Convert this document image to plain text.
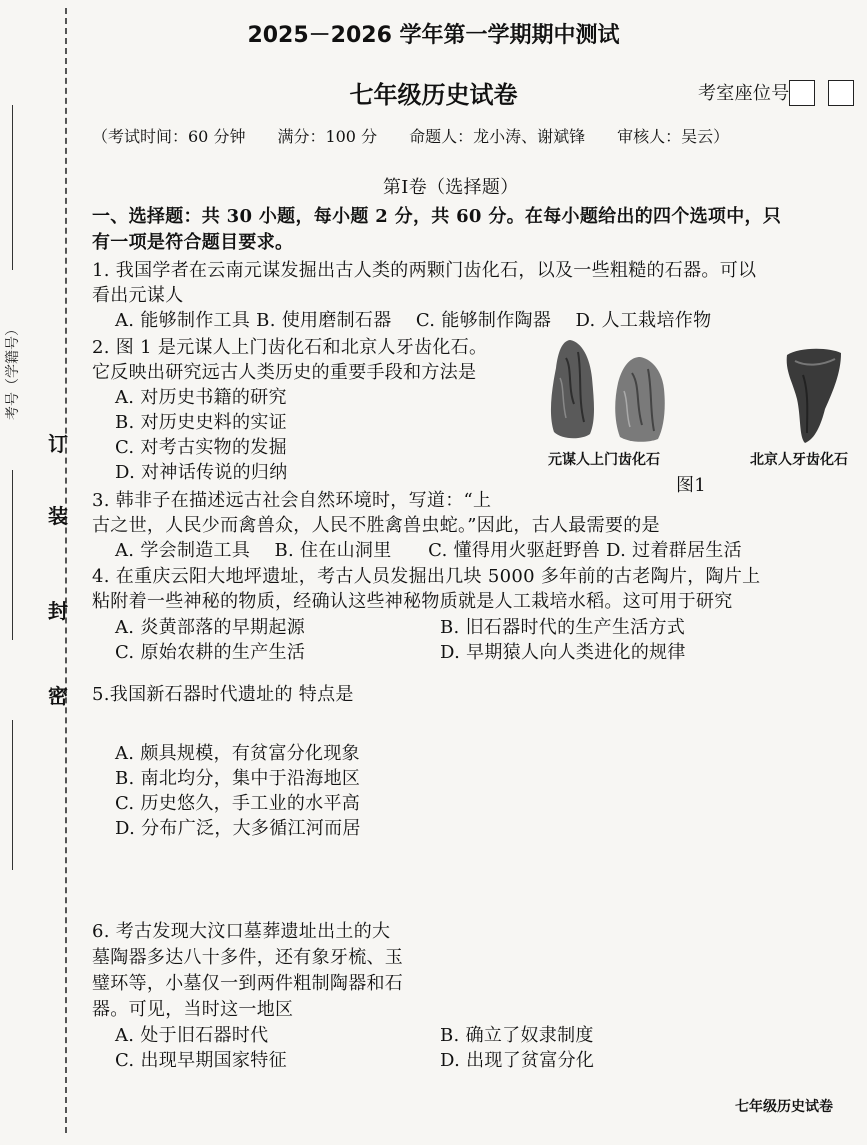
考号（学籍号）
订
装
封
密
2025－2026 学年第一学期期中测试
七年级历史试卷	考室座位号
（考试时间：60 分钟　　满分：100 分　　命题人：龙小涛、谢斌锋　　审核人：吴云）
第Ⅰ卷（选择题）
一、选择题：共 30 小题，每小题 2 分，共 60 分。在每小题给出的四个选项中，只
有一项是符合题目要求。
1. 我国学者在云南元谋发掘出古人类的两颗门齿化石，以及一些粗糙的石器。可以
看出元谋人
A. 能够制作工具 B. 使用磨制石器　 C. 能够制作陶器　 D. 人工栽培作物
2. 图 1 是元谋人上门齿化石和北京人牙齿化石。
它反映出研究远古人类历史的重要手段和方法是
A. 对历史书籍的研究
B. 对历史史料的实证
C. 对考古实物的发掘
D. 对神话传说的归纳
元谋人上门齿化石	北京人牙齿化石
图1
3. 韩非子在描述远古社会自然环境时，写道：“上
古之世，人民少而禽兽众，人民不胜禽兽虫蛇。”因此，古人最需要的是
A. 学会制造工具　 B. 住在山洞里　　C. 懂得用火驱赶野兽 D. 过着群居生活
4. 在重庆云阳大地坪遗址，考古人员发掘出几块 5000 多年前的古老陶片，陶片上
粘附着一些神秘的物质，经确认这些神秘物质就是人工栽培水稻。这可用于研究
A. 炎黄部落的早期起源	B. 旧石器时代的生产生活方式
C. 原始农耕的生产生活	D. 早期猿人向人类进化的规律
5.我国新石器时代遗址的 特点是
A. 颇具规模，有贫富分化现象
B. 南北均分，集中于沿海地区
C. 历史悠久，手工业的水平高
D. 分布广泛，大多循江河而居
6. 考古发现大汶口墓葬遗址出土的大
墓陶器多达八十多件，还有象牙梳、玉
璧环等，小墓仅一到两件粗制陶器和石
器。可见，当时这一地区
A. 处于旧石器时代	B. 确立了奴隶制度
C. 出现早期国家特征	D. 出现了贫富分化
七年级历史试卷
